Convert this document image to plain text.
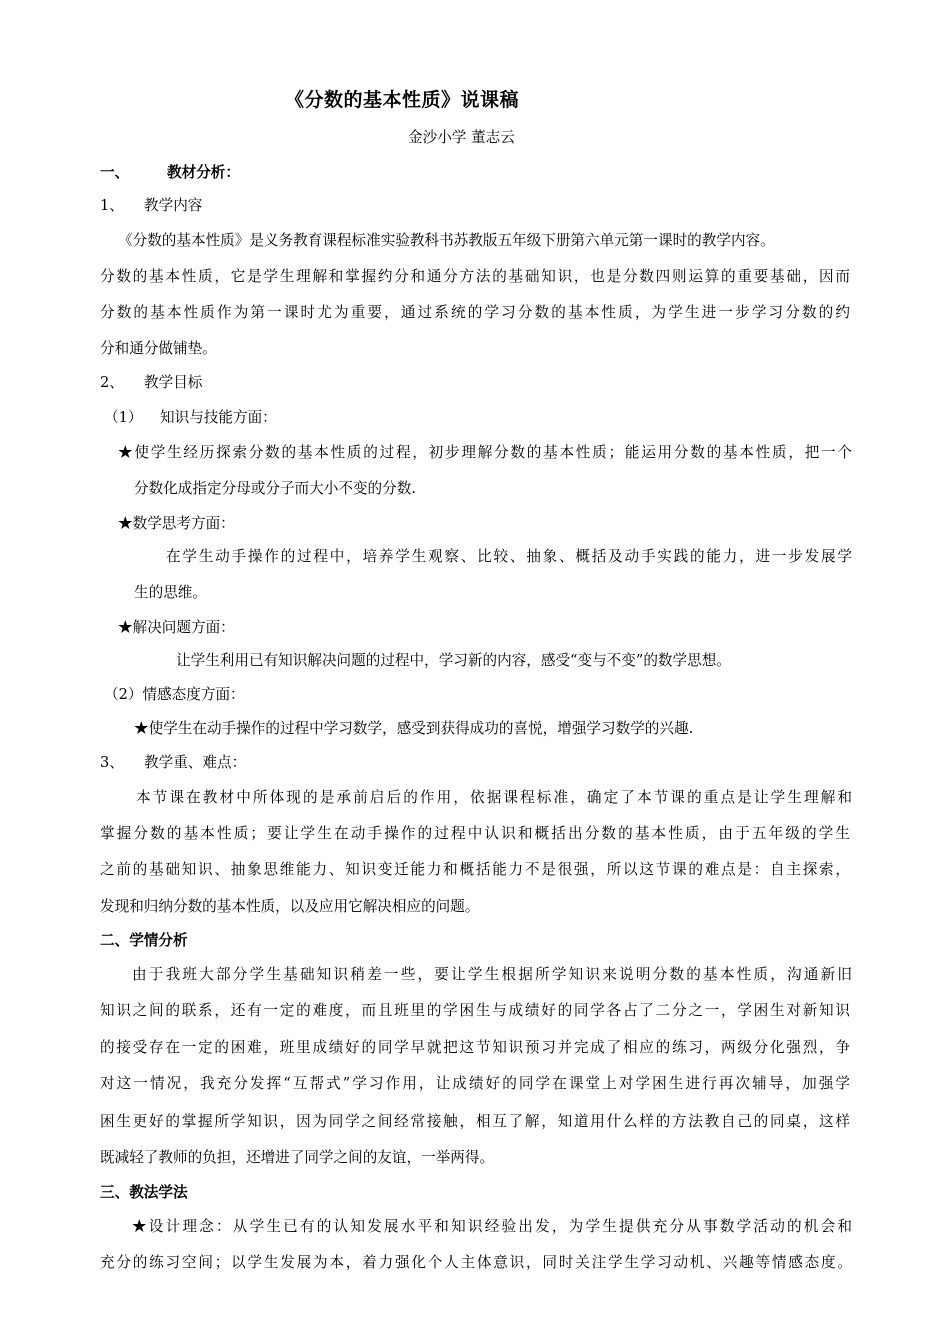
《分数的基本性质》说课稿
金沙小学 董志云
一、	教材分析：
1、 教学内容
《分数的基本性质》是义务教育课程标准实验教科书苏教版五年级下册第六单元第一课时的教学内容。
分数的基本性质，它是学生理解和掌握约分和通分方法的基础知识，也是分数四则运算的重要基础，因而
分数的基本性质作为第一课时尤为重要，通过系统的学习分数的基本性质，为学生进一步学习分数的约
分和通分做铺垫。
2、 教学目标
（1） 知识与技能方面：
★使学生经历探索分数的基本性质的过程，初步理解分数的基本性质；能运用分数的基本性质，把一个
分数化成指定分母或分子而大小不变的分数.
★数学思考方面：
在学生动手操作的过程中，培养学生观察、比较、抽象、概括及动手实践的能力，进一步发展学
生的思维。
★解决问题方面：
让学生利用已有知识解决问题的过程中，学习新的内容，感受“变与不变”的数学思想。
（2）情感态度方面：
★使学生在动手操作的过程中学习数学，感受到获得成功的喜悦，增强学习数学的兴趣.
3、 教学重、难点：
本节课在教材中所体现的是承前启后的作用，依据课程标准，确定了本节课的重点是让学生理解和
掌握分数的基本性质；要让学生在动手操作的过程中认识和概括出分数的基本性质，由于五年级的学生
之前的基础知识、抽象思维能力、知识变迁能力和概括能力不是很强，所以这节课的难点是：自主探索，
发现和归纳分数的基本性质，以及应用它解决相应的问题。
二、学情分析
由于我班大部分学生基础知识稍差一些，要让学生根据所学知识来说明分数的基本性质，沟通新旧
知识之间的联系，还有一定的难度，而且班里的学困生与成绩好的同学各占了二分之一，学困生对新知识
的接受存在一定的困难，班里成绩好的同学早就把这节知识预习并完成了相应的练习，两级分化强烈，争
对这一情况，我充分发挥“互帮式”学习作用，让成绩好的同学在课堂上对学困生进行再次辅导，加强学
困生更好的掌握所学知识，因为同学之间经常接触，相互了解，知道用什么样的方法教自己的同桌，这样
既减轻了教师的负担，还增进了同学之间的友谊，一举两得。
三、教法学法
★设计理念：从学生已有的认知发展水平和知识经验出发，为学生提供充分从事数学活动的机会和
充分的练习空间；以学生发展为本，着力强化个人主体意识，同时关注学生学习动机、兴趣等情感态度。
